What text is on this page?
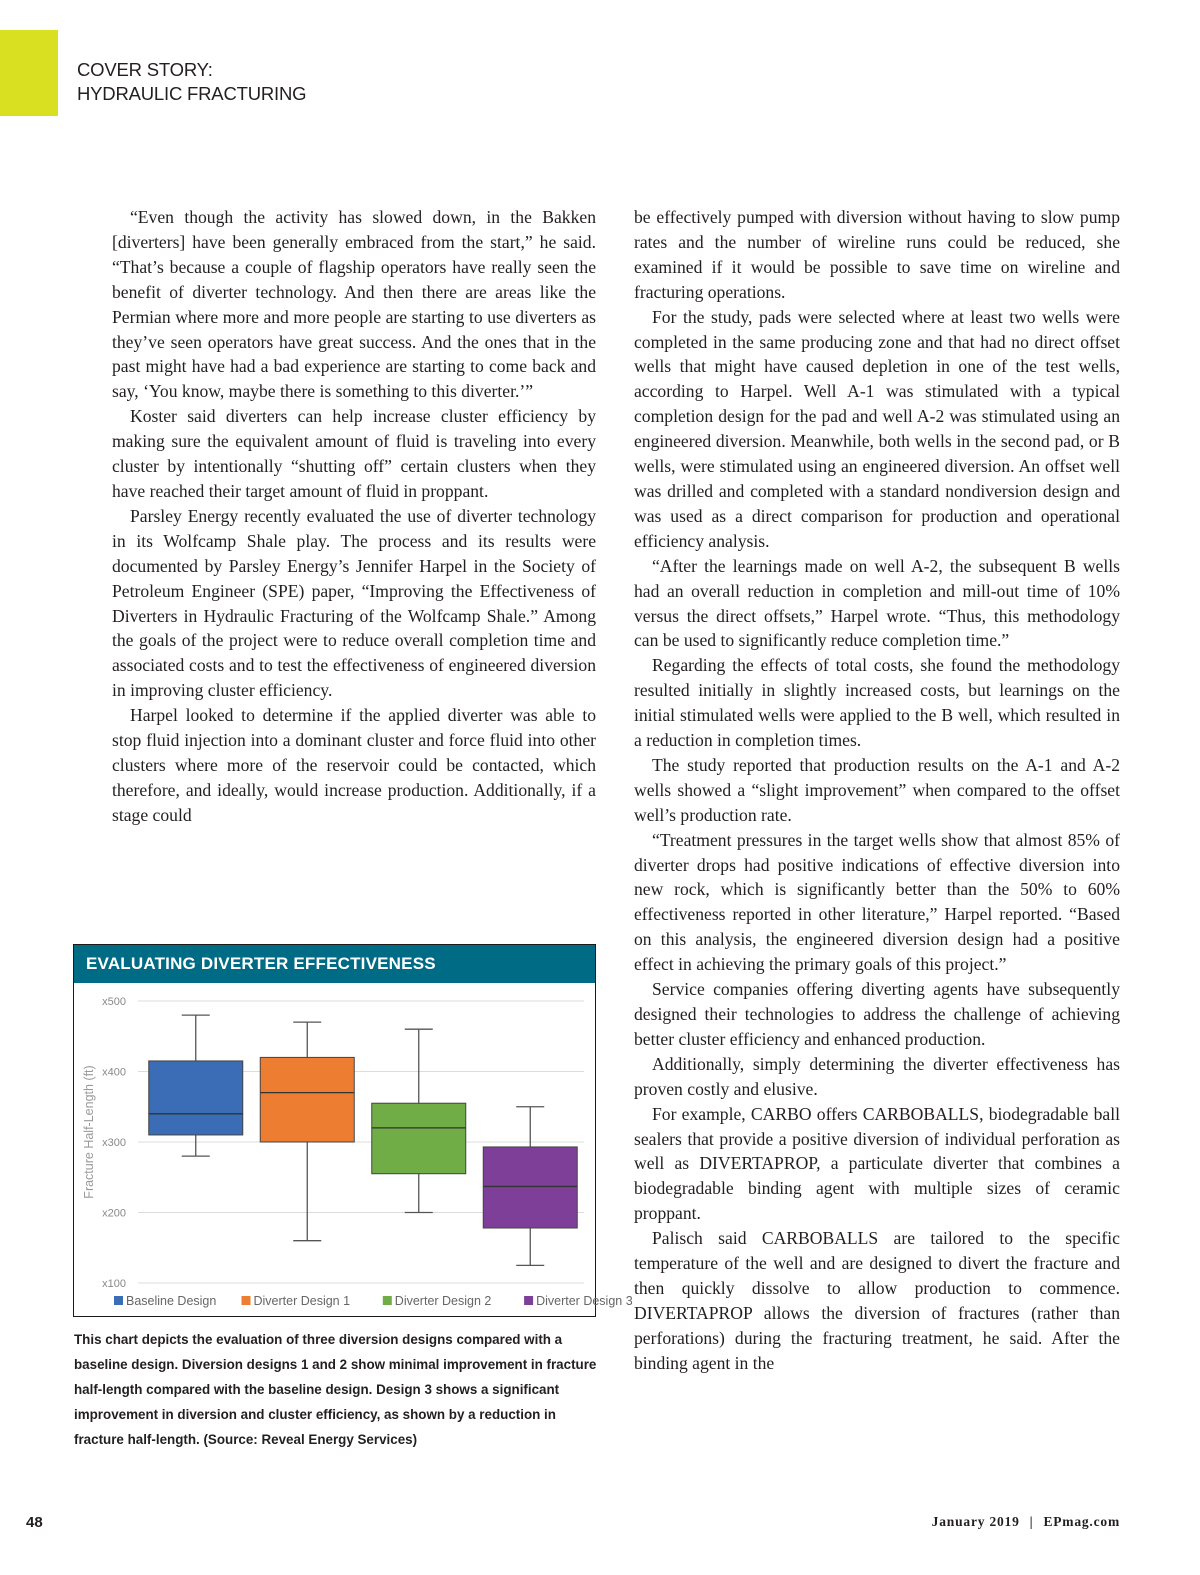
COVER STORY:
HYDRAULIC FRACTURING

“Even though the activity has slowed down, in the Bakken [diverters] have been generally embraced from the start,” he said. “That’s because a couple of flagship operators have really seen the benefit of diverter technology. And then there are areas like the Permian where more and more people are starting to use diverters as they’ve seen operators have great success. And the ones that in the past might have had a bad experience are starting to come back and say, ‘You know, maybe there is something to this diverter.’”

Koster said diverters can help increase cluster efficiency by making sure the equivalent amount of fluid is traveling into every cluster by intentionally “shutting off” certain clusters when they have reached their target amount of fluid in proppant.

Parsley Energy recently evaluated the use of diverter technology in its Wolfcamp Shale play. The process and its results were documented by Parsley Energy’s Jennifer Harpel in the Society of Petroleum Engineer (SPE) paper, “Improving the Effectiveness of Diverters in Hydraulic Fracturing of the Wolfcamp Shale.” Among the goals of the project were to reduce overall completion time and associated costs and to test the effectiveness of engineered diversion in improving cluster efficiency.

Harpel looked to determine if the applied diverter was able to stop fluid injection into a dominant cluster and force fluid into other clusters where more of the reservoir could be contacted, which therefore, and ideally, would increase production. Additionally, if a stage could

EVALUATING DIVERTER EFFECTIVENESS
x100
x200
x300
x400
x500
Fracture Half-Length (ft)
Baseline Design	Diverter Design 1	Diverter Design 2	Diverter Design 3
This chart depicts the evaluation of three diversion designs compared with a baseline design. Diversion designs 1 and 2 show minimal improvement in fracture half-length compared with the baseline design. Design 3 shows a significant improvement in diversion and cluster efficiency, as shown by a reduction in fracture half-length. (Source: Reveal Energy Services)

be effectively pumped with diversion without having to slow pump rates and the number of wireline runs could be reduced, she examined if it would be possible to save time on wireline and fracturing operations.

For the study, pads were selected where at least two wells were completed in the same producing zone and that had no direct offset wells that might have caused depletion in one of the test wells, according to Harpel. Well A-1 was stimulated with a typical completion design for the pad and well A-2 was stimulated using an engineered diversion. Meanwhile, both wells in the second pad, or B wells, were stimulated using an engineered diversion. An offset well was drilled and completed with a standard nondiversion design and was used as a direct comparison for production and operational efficiency analysis.

“After the learnings made on well A-2, the subsequent B wells had an overall reduction in completion and mill-out time of 10% versus the direct offsets,” Harpel wrote. “Thus, this methodology can be used to significantly reduce completion time.”

Regarding the effects of total costs, she found the methodology resulted initially in slightly increased costs, but learnings on the initial stimulated wells were applied to the B well, which resulted in a reduction in completion times.

The study reported that production results on the A-1 and A-2 wells showed a “slight improvement” when compared to the offset well’s production rate.

“Treatment pressures in the target wells show that almost 85% of diverter drops had positive indications of effective diversion into new rock, which is significantly better than the 50% to 60% effectiveness reported in other literature,” Harpel reported. “Based on this analysis, the engineered diversion design had a positive effect in achieving the primary goals of this project.”

Service companies offering diverting agents have subsequently designed their technologies to address the challenge of achieving better cluster efficiency and enhanced production.

Additionally, simply determining the diverter effectiveness has proven costly and elusive.

For example, CARBO offers CARBOBALLS, biodegradable ball sealers that provide a positive diversion of individual perforation as well as DIVERTAPROP, a particulate diverter that combines a biodegradable binding agent with multiple sizes of ceramic proppant.

Palisch said CARBOBALLS are tailored to the specific temperature of the well and are designed to divert the fracture and then quickly dissolve to allow production to commence. DIVERTAPROP allows the diversion of fractures (rather than perforations) during the fracturing treatment, he said. After the binding agent in the

48	January 2019 | EPmag.com
